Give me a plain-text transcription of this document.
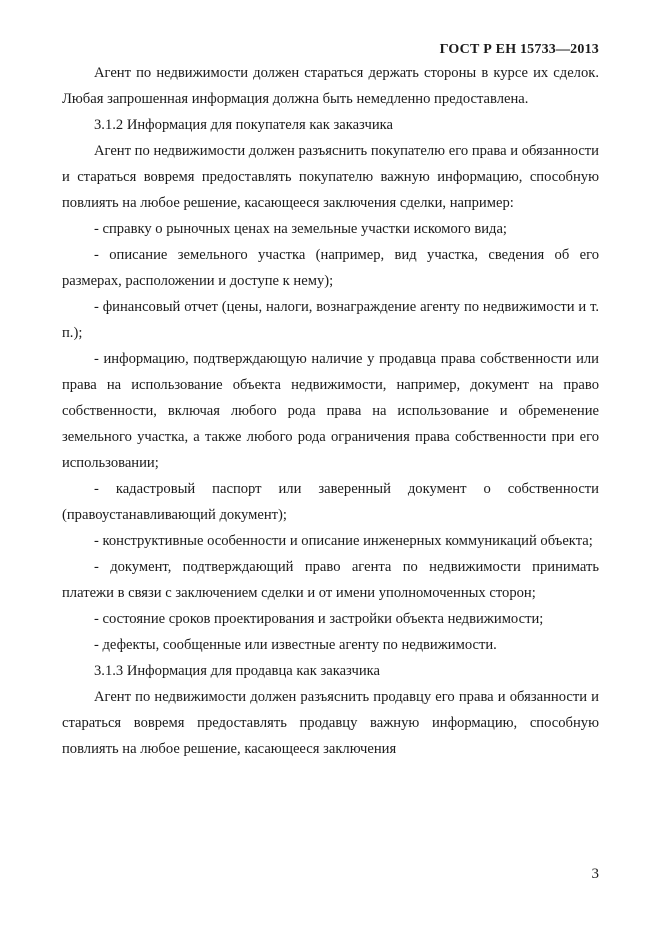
ГОСТ Р ЕН 15733—2013

Агент по недвижимости должен стараться держать стороны в курсе их сделок. Любая запрошенная информация должна быть немедленно предоставлена.

3.1.2 Информация для покупателя как заказчика

Агент по недвижимости должен разъяснить покупателю его права и обязанности и стараться вовремя предоставлять покупателю важную информацию, способную повлиять на любое решение, касающееся заключения сделки, например:

- справку о рыночных ценах на земельные участки искомого вида;

- описание земельного участка (например, вид участка, сведения об его размерах, расположении и доступе к нему);

- финансовый отчет (цены, налоги, вознаграждение агенту по недвижимости и т. п.);

- информацию, подтверждающую наличие у продавца права собственности или права на использование объекта недвижимости, например, документ на право собственности, включая любого рода права на использование и обременение земельного участка, а также любого рода ограничения права собственности при его использовании;

- кадастровый паспорт или заверенный документ о собственности (правоустанавливающий документ);

- конструктивные особенности и описание инженерных коммуникаций объекта;

- документ, подтверждающий право агента по недвижимости принимать платежи в связи с заключением сделки и от имени уполномоченных сторон;

- состояние сроков проектирования и застройки объекта недвижимости;

- дефекты, сообщенные или известные агенту по недвижимости.

3.1.3 Информация для продавца как заказчика

Агент по недвижимости должен разъяснить продавцу его права и обязанности и стараться вовремя предоставлять продавцу важную информацию, способную повлиять на любое решение, касающееся заключения

3
